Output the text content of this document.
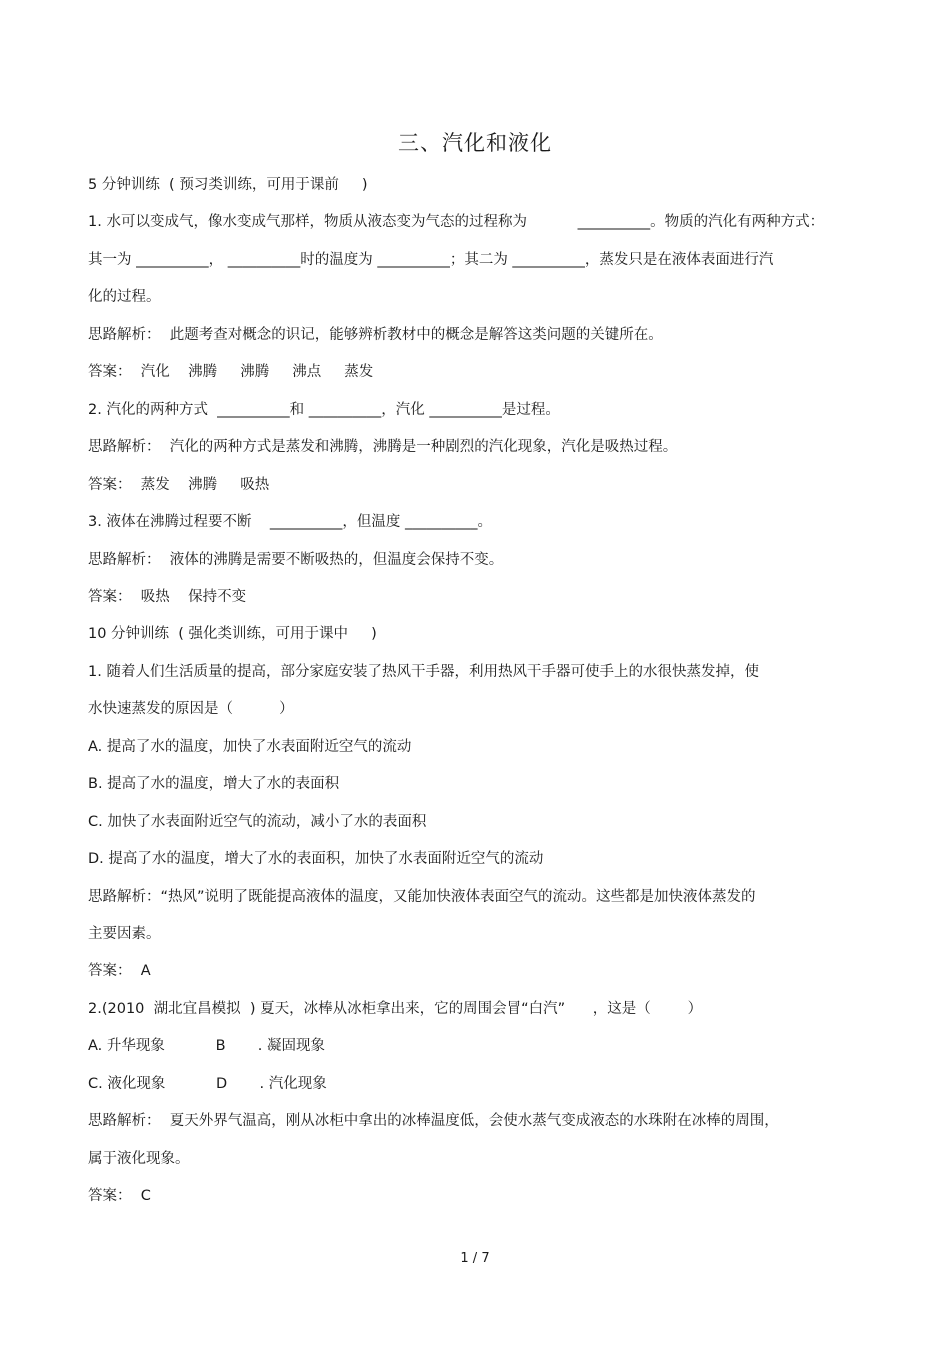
三、汽化和液化
5 分钟训练  ( 预习类训练，可用于课前     )
1. 水可以变成气，像水变成气那样，物质从液态变为气态的过程称为           __________。物质的汽化有两种方式：
其一为 __________， __________时的温度为 __________；其二为 __________，蒸发只是在液体表面进行汽
化的过程。
思路解析：  此题考查对概念的识记，能够辨析教材中的概念是解答这类问题的关键所在。
答案：  汽化    沸腾     沸腾     沸点     蒸发
2. 汽化的两种方式  __________和 __________，汽化 __________是过程。
思路解析：  汽化的两种方式是蒸发和沸腾，沸腾是一种剧烈的汽化现象，汽化是吸热过程。
答案：  蒸发    沸腾     吸热
3. 液体在沸腾过程要不断    __________，但温度 __________。
思路解析：  液体的沸腾是需要不断吸热的，但温度会保持不变。
答案：  吸热    保持不变
10 分钟训练  ( 强化类训练，可用于课中     )
1. 随着人们生活质量的提高，部分家庭安装了热风干手器，利用热风干手器可使手上的水很快蒸发掉，使
水快速蒸发的原因是（          ）
A. 提高了水的温度，加快了水表面附近空气的流动
B. 提高了水的温度，增大了水的表面积
C. 加快了水表面附近空气的流动，减小了水的表面积
D. 提高了水的温度，增大了水的表面积，加快了水表面附近空气的流动
思路解析：“热风”说明了既能提高液体的温度，又能加快液体表面空气的流动。这些都是加快液体蒸发的
主要因素。
答案：  A
2.(2010  湖北宜昌模拟  ) 夏天，冰棒从冰柜拿出来，它的周围会冒“白汽”      ，这是（        ）
A. 升华现象           B       . 凝固现象
C. 液化现象           D       . 汽化现象
思路解析：  夏天外界气温高，刚从冰柜中拿出的冰棒温度低，会使水蒸气变成液态的水珠附在冰棒的周围，
属于液化现象。
答案：  C
1 / 7
